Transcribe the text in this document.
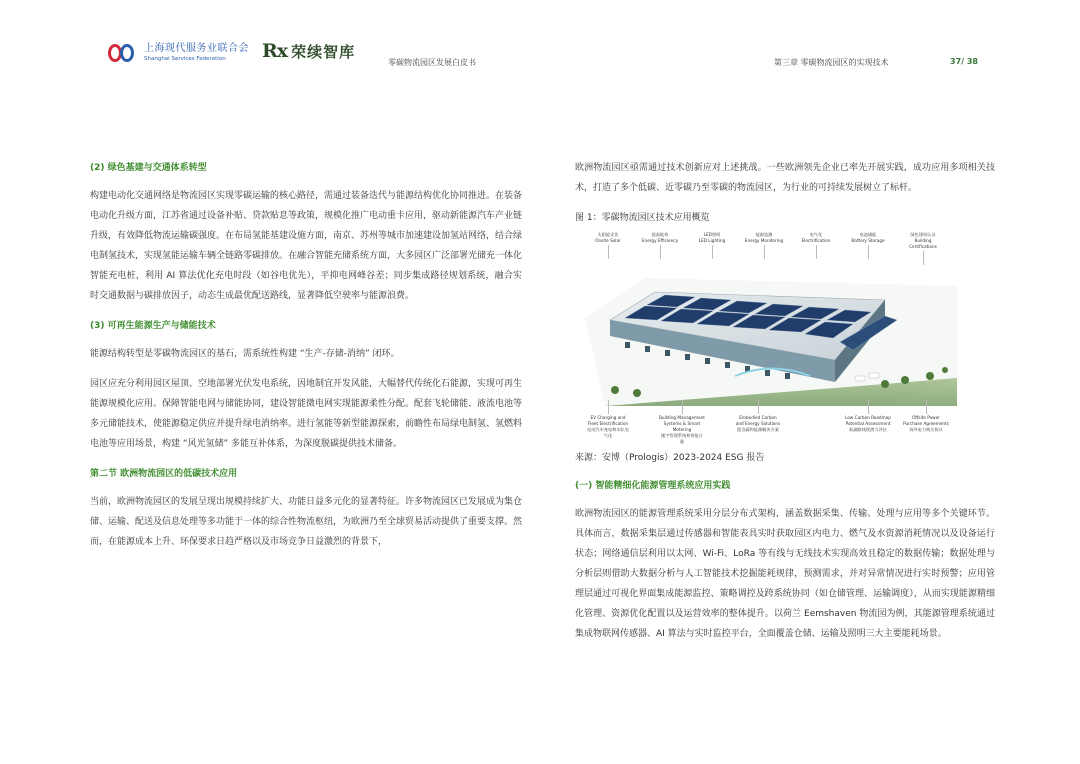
上海现代服务业联合会
Shanghai Services Federation	Rx 荣续智库
零碳物流园区发展白皮书	第三章 零碳物流园区的实现技术	37/ 38
(2) 绿色基建与交通体系转型

构建电动化交通网络是物流园区实现零碳运输的核心路径，需通过装备迭代与能源结构优化协同推进。在装备电动化升级方面，江苏省通过设备补贴、贷款贴息等政策，规模化推广电动重卡应用，驱动新能源汽车产业链升级，有效降低物流运输碳强度。在布局氢能基建设施方面，南京、苏州等城市加速建设加氢站网络，结合绿电制氢技术，实现氢能运输车辆全链路零碳排放。在融合智能充储系统方面，大多园区广泛部署光储充一体化智能充电桩，利用 AI 算法优化充电时段（如谷电优先），平抑电网峰谷差；同步集成路径规划系统，融合实时交通数据与碳排放因子，动态生成最优配送路线，显著降低空驶率与能源浪费。

(3) 可再生能源生产与储能技术

能源结构转型是零碳物流园区的基石，需系统性构建 “生产-存储-消纳” 闭环。

园区应充分利用园区屋顶、空地部署光伏发电系统，因地制宜开发风能，大幅替代传统化石能源，实现可再生能源规模化应用。保障智能电网与储能协同，建设智能微电网实现能源柔性分配。配套飞轮储能、液流电池等多元储能技术，使能源稳定供应并提升绿电消纳率。进行氢能等新型能源探索，前瞻性布局绿电制氢、氢燃料电池等应用场景，构建 “风光氢储” 多能互补体系，为深度脱碳提供技术储备。

第二节 欧洲物流园区的低碳技术应用

当前，欧洲物流园区的发展呈现出规模持续扩大、功能日益多元化的显著特征。许多物流园区已发展成为集仓储、运输、配送及信息处理等多功能于一体的综合性物流枢纽，为欧洲乃至全球贸易活动提供了重要支撑。然而，在能源成本上升、环保要求日趋严格以及市场竞争日益激烈的背景下，

欧洲物流园区亟需通过技术创新应对上述挑战。一些欧洲领先企业已率先开展实践，成功应用多项相关技术，打造了多个低碳、近零碳乃至零碳的物流园区，为行业的可持续发展树立了标杆。

图 1：零碳物流园区技术应用概览
太阳能光伏
Onsite Solar
提高能效
Energy Efficiency
LED照明
LED Lighting
能源监测
Energy Monitoring
电气化
Electrification
电池储能
Battery Storage
绿色建筑认证
Building Certifications
EV Charging and Fleet Electrification
电动汽车充电和车队电气化
Building Management Systems & Smart Metering
楼宇管理系统和智能计量
Embodied Carbon and Energy Solutions
隐含碳和能源解决方案
Low Carbon Roadmap Potential Assessment
低碳路线图潜力评估
Offsite Power Purchase Agreements
场外电力购买协议
来源：安博（Prologis）2023-2024 ESG 报告
(一) 智能精细化能源管理系统应用实践

欧洲物流园区的能源管理系统采用分层分布式架构，涵盖数据采集、传输、处理与应用等多个关键环节。具体而言，数据采集层通过传感器和智能表具实时获取园区内电力、燃气及水资源消耗情况以及设备运行状态；网络通信层利用以太网、Wi-Fi、LoRa 等有线与无线技术实现高效且稳定的数据传输；数据处理与分析层则借助大数据分析与人工智能技术挖掘能耗规律，预测需求，并对异常情况进行实时预警；应用管理层通过可视化界面集成能源监控、策略调控及跨系统协同（如仓储管理、运输调度），从而实现能源精细化管理、资源优化配置以及运营效率的整体提升。以荷兰 Eemshaven 物流园为例，其能源管理系统通过集成物联网传感器、AI 算法与实时监控平台，全面覆盖仓储、运输及照明三大主要能耗场景。
